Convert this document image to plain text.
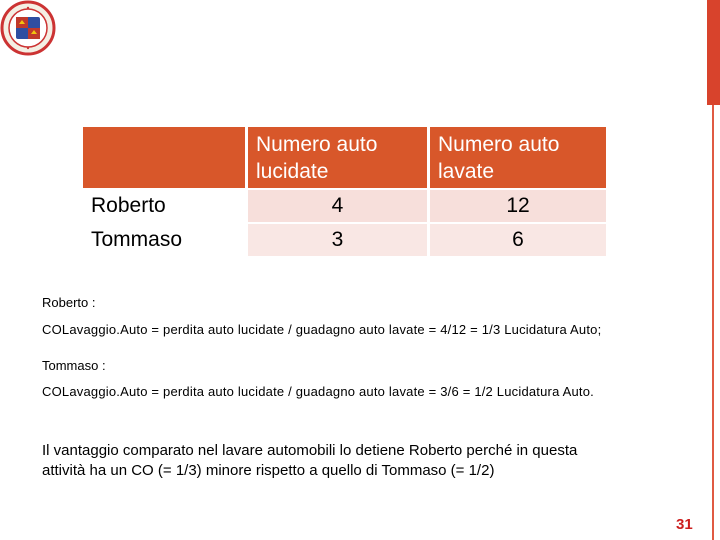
	Numero auto lucidate	Numero auto lavate
Roberto	4	12
Tommaso	3	6
Roberto :
COLavaggio.Auto = perdita auto lucidate / guadagno auto lavate = 4/12 = 1/3 Lucidatura Auto;
Tommaso :
COLavaggio.Auto = perdita auto lucidate / guadagno auto lavate = 3/6 = 1/2 Lucidatura Auto.
Il vantaggio comparato nel lavare automobili lo detiene Roberto perché in questa attività ha un CO (= 1/3) minore rispetto a quello di Tommaso (= 1/2)
31
